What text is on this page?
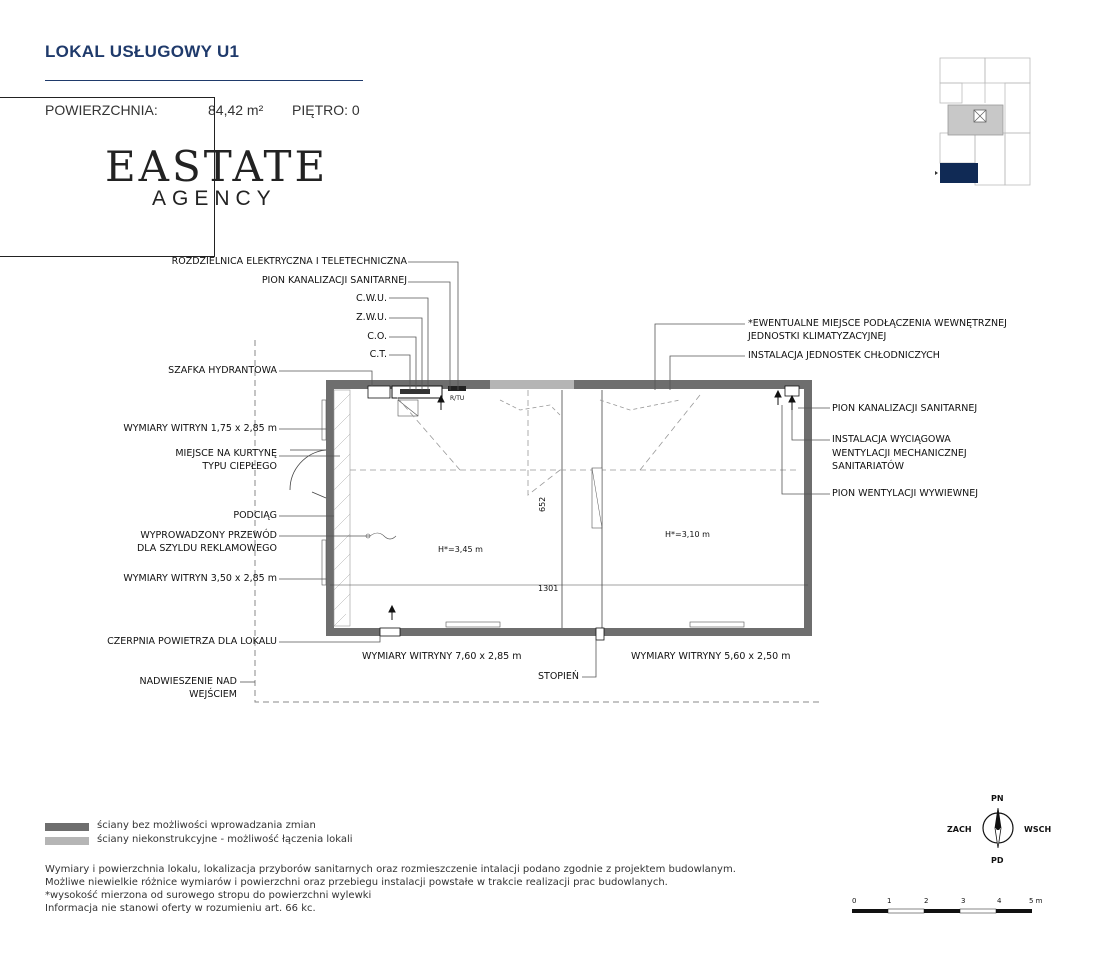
LOKAL USŁUGOWY U1
POWIERZCHNIA:	84,42 m² PIĘTRO: 0
EASTATE
AGENCY
H*=3,45 m
H*=3,10 m
652
1301
R/TU
ROZDZIELNICA ELEKTRYCZNA I TELETECHNICZNA
PION KANALIZACJI SANITARNEJ
C.W.U.
Z.W.U.
C.O.
C.T.
SZAFKA HYDRANTOWA
WYMIARY WITRYN 1,75 x 2,85 m
MIEJSCE NA KURTYNĘ
TYPU CIEPŁEGO
PODCIĄG
WYPROWADZONY PRZEWÓD
DLA SZYLDU REKLAMOWEGO
WYMIARY WITRYN 3,50 x 2,85 m
CZERPNIA POWIETRZA DLA LOKALU
NADWIESZENIE NAD
WEJŚCIEM
*EWENTUALNE MIEJSCE PODŁĄCZENIA WEWNĘTRZNEJ
JEDNOSTKI KLIMATYZACYJNEJ
INSTALACJA JEDNOSTEK CHŁODNICZYCH
PION KANALIZACJI SANITARNEJ
INSTALACJA WYCIĄGOWA
WENTYLACJI MECHANICZNEJ
SANITARIATÓW
PION WENTYLACJI WYWIEWNEJ
WYMIARY WITRYNY 7,60 x 2,85 m	WYMIARY WITRYNY 5,60 x 2,50 m
STOPIEŃ
ściany bez możliwości wprowadzania zmian
ściany niekonstrukcyjne - możliwość łączenia lokali
Wymiary i powierzchnia lokalu, lokalizacja przyborów sanitarnych oraz rozmieszczenie intalacji podano zgodnie z projektem budowlanym.
Możliwe niewielkie różnice wymiarów i powierzchni oraz przebiegu instalacji powstałe w trakcie realizacji prac budowlanych.
*wysokość mierzona od surowego stropu do powierzchni wylewki
Informacja nie stanowi oferty w rozumieniu art. 66 kc.
PN
PD
ZACH	WSCH
0	1	2	3	4	5 m
